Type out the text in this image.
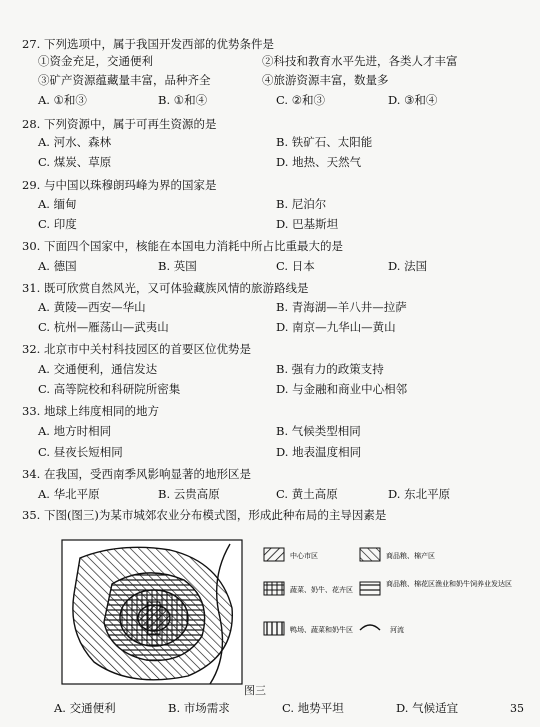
27. 下列选项中，属于我国开发西部的优势条件是
①资金充足，交通便利	②科技和教育水平先进，各类人才丰富
③矿产资源蕴藏量丰富，品种齐全	④旅游资源丰富，数量多
A. ①和③	B. ①和④	C. ②和③	D. ③和④
28. 下列资源中，属于可再生资源的是
A. 河水、森林	B. 铁矿石、太阳能
C. 煤炭、草原	D. 地热、天然气
29. 与中国以珠穆朗玛峰为界的国家是
A. 缅甸	B. 尼泊尔
C. 印度	D. 巴基斯坦
30. 下面四个国家中，核能在本国电力消耗中所占比重最大的是
A. 德国	B. 英国	C. 日本	D. 法国
31. 既可欣赏自然风光，又可体验藏族风情的旅游路线是
A. 黄陵—西安—华山	B. 青海湖—羊八井—拉萨
C. 杭州—雁荡山—武夷山	D. 南京—九华山—黄山
32. 北京市中关村科技园区的首要区位优势是
A. 交通便利，通信发达	B. 强有力的政策支持
C. 高等院校和科研院所密集	D. 与金融和商业中心相邻
33. 地球上纬度相同的地方
A. 地方时相同	B. 气候类型相同
C. 昼夜长短相同	D. 地表温度相同
34. 在我国，受西南季风影响显著的地形区是
A. 华北平原	B. 云贵高原	C. 黄土高原	D. 东北平原
35. 下图(图三)为某市城郊农业分布模式图，形成此种布局的主导因素是
中心市区	商品粮、棉产区
蔬菜、奶牛、花卉区
商品粮、棉花区渔业和奶牛饲养业发达区
鸭场、蔬菜和奶牛区	河流
图三
A. 交通便利	B. 市场需求	C. 地势平坦	D. 气候适宜	35
